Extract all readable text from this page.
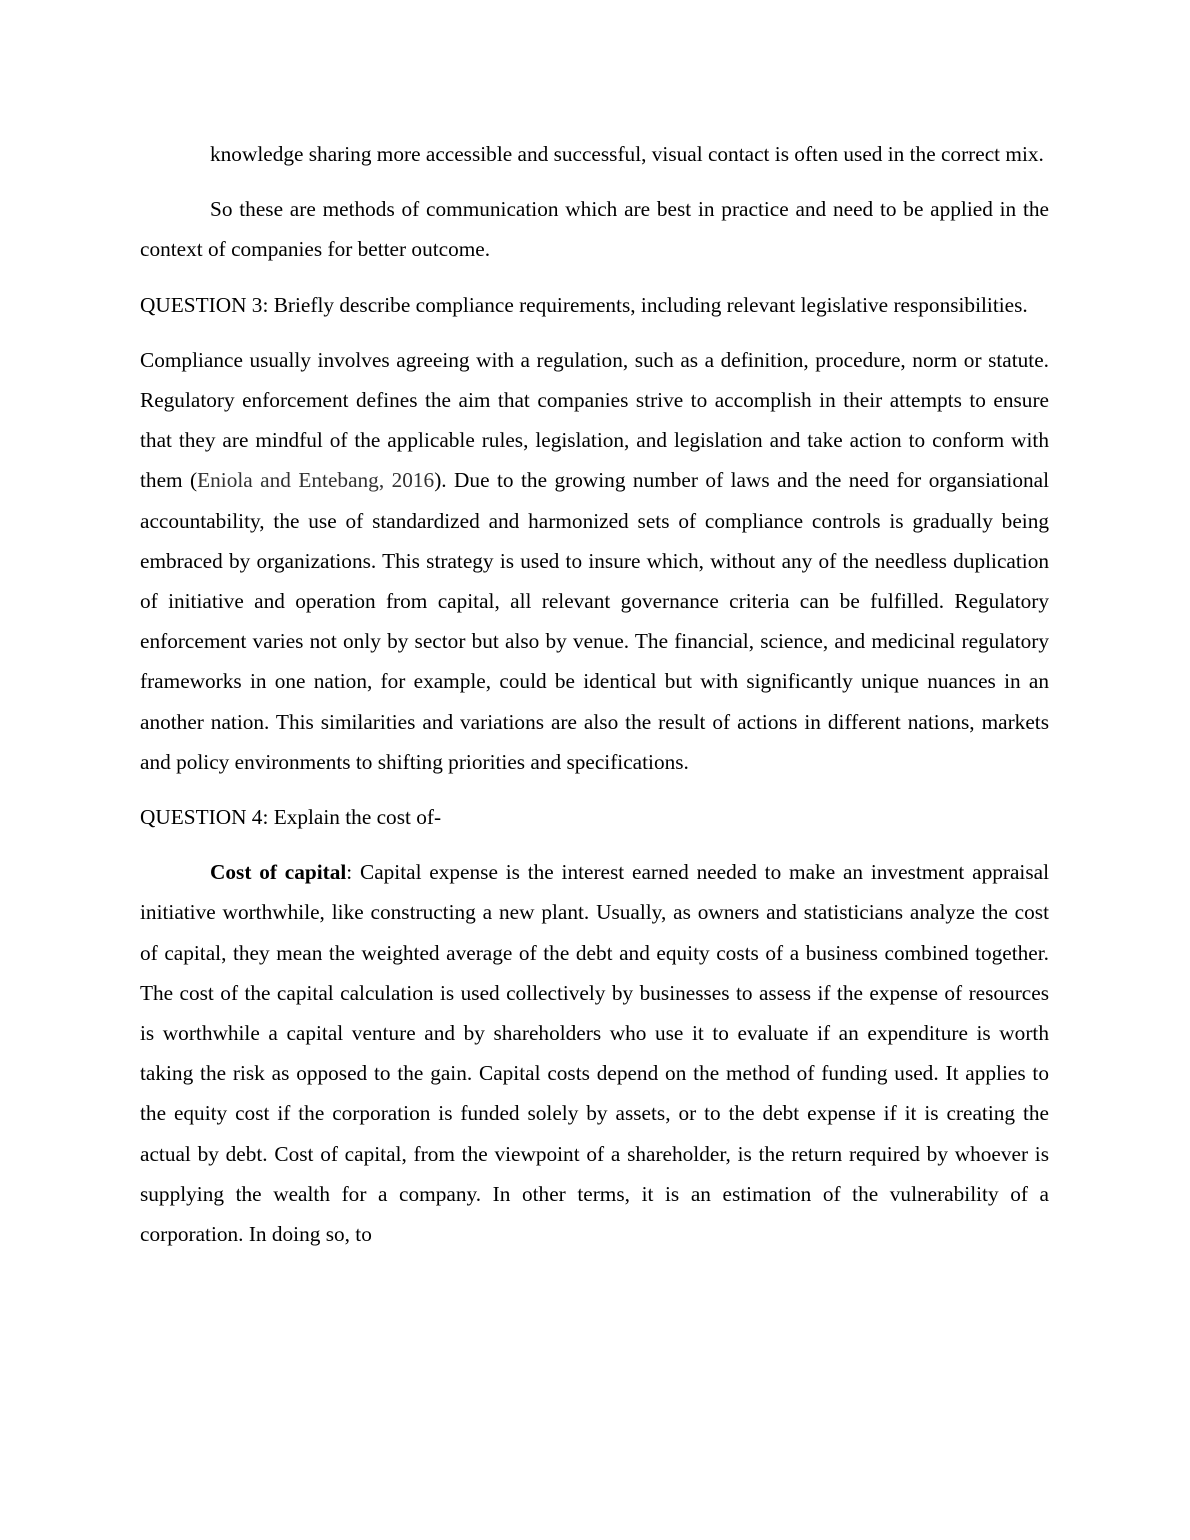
knowledge sharing more accessible and successful, visual contact is often used in the correct mix.

So these are methods of communication which are best in practice and need to be applied in the context of companies for better outcome.

QUESTION 3: Briefly describe compliance requirements, including relevant legislative responsibilities.

Compliance usually involves agreeing with a regulation, such as a definition, procedure, norm or statute. Regulatory enforcement defines the aim that companies strive to accomplish in their attempts to ensure that they are mindful of the applicable rules, legislation, and legislation and take action to conform with them (Eniola and Entebang, 2016). Due to the growing number of laws and the need for organsiational accountability, the use of standardized and harmonized sets of compliance controls is gradually being embraced by organizations. This strategy is used to insure which, without any of the needless duplication of initiative and operation from capital, all relevant governance criteria can be fulfilled. Regulatory enforcement varies not only by sector but also by venue. The financial, science, and medicinal regulatory frameworks in one nation, for example, could be identical but with significantly unique nuances in an another nation. This similarities and variations are also the result of actions in different nations, markets and policy environments to shifting priorities and specifications.

QUESTION 4: Explain the cost of-

Cost of capital: Capital expense is the interest earned needed to make an investment appraisal initiative worthwhile, like constructing a new plant. Usually, as owners and statisticians analyze the cost of capital, they mean the weighted average of the debt and equity costs of a business combined together. The cost of the capital calculation is used collectively by businesses to assess if the expense of resources is worthwhile a capital venture and by shareholders who use it to evaluate if an expenditure is worth taking the risk as opposed to the gain. Capital costs depend on the method of funding used. It applies to the equity cost if the corporation is funded solely by assets, or to the debt expense if it is creating the actual by debt. Cost of capital, from the viewpoint of a shareholder, is the return required by whoever is supplying the wealth for a company. In other terms, it is an estimation of the vulnerability of a corporation. In doing so, to
